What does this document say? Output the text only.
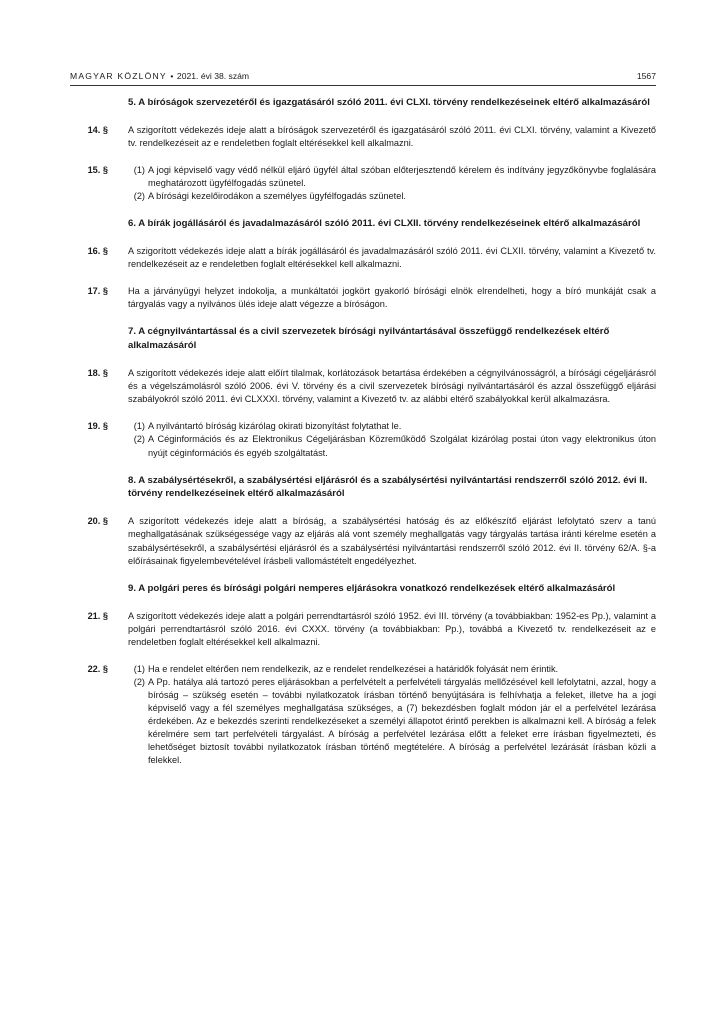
MAGYAR KÖZLÖNY • 2021. évi 38. szám	1567
5. A bíróságok szervezetéről és igazgatásáról szóló 2011. évi CLXI. törvény rendelkezéseinek eltérő alkalmazásáról
14. §	A szigorított védekezés ideje alatt a bíróságok szervezetéről és igazgatásáról szóló 2011. évi CLXI. törvény, valamint a Kivezető tv. rendelkezéseit az e rendeletben foglalt eltérésekkel kell alkalmazni.
15. §	(1) A jogi képviselő vagy védő nélkül eljáró ügyfél által szóban előterjesztendő kérelem és indítvány jegyzőkönyvbe foglalására meghatározott ügyfélfogadás szünetel.
(2) A bírósági kezelőirodákon a személyes ügyfélfogadás szünetel.
6. A bírák jogállásáról és javadalmazásáról szóló 2011. évi CLXII. törvény rendelkezéseinek eltérő alkalmazásáról
16. §	A szigorított védekezés ideje alatt a bírák jogállásáról és javadalmazásáról szóló 2011. évi CLXII. törvény, valamint a Kivezető tv. rendelkezéseit az e rendeletben foglalt eltérésekkel kell alkalmazni.
17. §	Ha a járványügyi helyzet indokolja, a munkáltatói jogkört gyakorló bírósági elnök elrendelheti, hogy a bíró munkáját csak a tárgyalás vagy a nyilvános ülés ideje alatt végezze a bíróságon.
7. A cégnyilvántartással és a civil szervezetek bírósági nyilvántartásával összefüggő rendelkezések eltérő alkalmazásáról
18. §	A szigorított védekezés ideje alatt előírt tilalmak, korlátozások betartása érdekében a cégnyilvánosságról, a bírósági cégeljárásról és a végelszámolásról szóló 2006. évi V. törvény és a civil szervezetek bírósági nyilvántartásáról és azzal összefüggő eljárási szabályokról szóló 2011. évi CLXXXI. törvény, valamint a Kivezető tv. az alábbi eltérő szabályokkal kerül alkalmazásra.
19. §	(1) A nyilvántartó bíróság kizárólag okirati bizonyítást folytathat le.
(2) A Céginformációs és az Elektronikus Cégeljárásban Közreműködő Szolgálat kizárólag postai úton vagy elektronikus úton nyújt céginformációs és egyéb szolgáltatást.
8. A szabálysértésekről, a szabálysértési eljárásról és a szabálysértési nyilvántartási rendszerről szóló 2012. évi II. törvény rendelkezéseinek eltérő alkalmazásáról
20. §	A szigorított védekezés ideje alatt a bíróság, a szabálysértési hatóság és az előkészítő eljárást lefolytató szerv a tanú meghallgatásának szükségessége vagy az eljárás alá vont személy meghallgatás vagy tárgyalás tartása iránti kérelme esetén a szabálysértésekről, a szabálysértési eljárásról és a szabálysértési nyilvántartási rendszerről szóló 2012. évi II. törvény 62/A. §-a előírásainak figyelembevételével írásbeli vallomástételt engedélyezhet.
9. A polgári peres és bírósági polgári nemperes eljárásokra vonatkozó rendelkezések eltérő alkalmazásáról
21. §	A szigorított védekezés ideje alatt a polgári perrendtartásról szóló 1952. évi III. törvény (a továbbiakban: 1952-es Pp.), valamint a polgári perrendtartásról szóló 2016. évi CXXX. törvény (a továbbiakban: Pp.), továbbá a Kivezető tv. rendelkezéseit az e rendeletben foglalt eltérésekkel kell alkalmazni.
22. §	(1) Ha e rendelet eltérően nem rendelkezik, az e rendelet rendelkezései a határidők folyását nem érintik.
(2) A Pp. hatálya alá tartozó peres eljárásokban a perfelvételt a perfelvételi tárgyalás mellőzésével kell lefolytatni, azzal, hogy a bíróság – szükség esetén – további nyilatkozatok írásban történő benyújtására is felhívhatja a feleket, illetve ha a jogi képviselő vagy a fél személyes meghallgatása szükséges, a (7) bekezdésben foglalt módon jár el a perfelvétel lezárása érdekében. Az e bekezdés szerinti rendelkezéseket a személyi állapotot érintő perekben is alkalmazni kell. A bíróság a felek kérelmére sem tart perfelvételi tárgyalást. A bíróság a perfelvétel lezárása előtt a feleket erre írásban figyelmezteti, és lehetőséget biztosít további nyilatkozatok írásban történő megtételére. A bíróság a perfelvétel lezárását írásban közli a felekkel.
